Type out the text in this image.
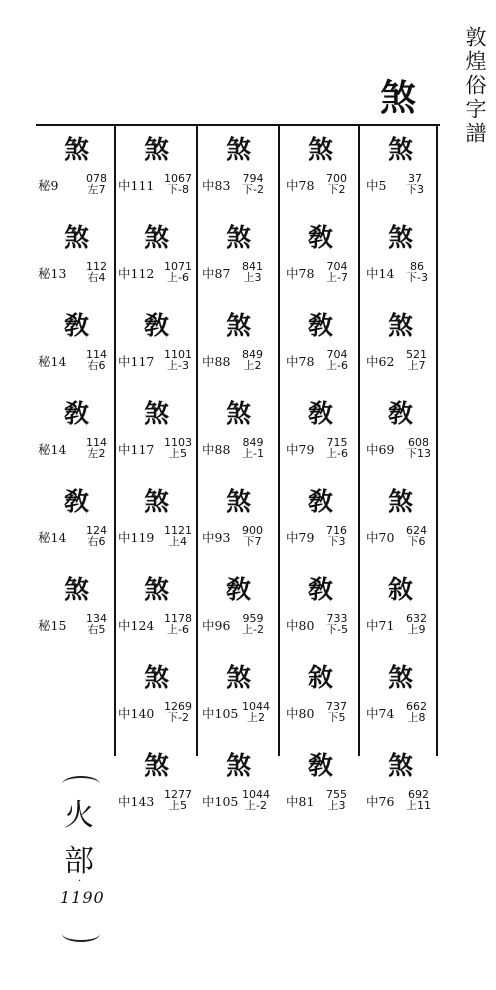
敦煌俗字譜
煞
煞
中5 37
下3
煞
中14	86
下-3
煞
中62 521
上7
敎
中69 608
下13
煞
中70 624
下6
敘
中71 632
上9
煞
中74 662
上8
煞
中76 692
上11
煞
中78 700
下2
敎
中78 704
上-7
敎
中78 704
上-6
敎
中79 715
上-6
敎
中79 716
下3
敎
中80 733
下-5
敘
中80 737
下5
敎
中81 755
上3
煞
中83 794
下-2
煞
中87 841
上3
煞
中88 849
上2
煞
中88 849
上-1
煞
中93 900
下7
敎
中96 959
上-2
煞
中105 1044
上2
煞
中105 1044
上-2
煞
中111 1067
下-8
煞
中112 1071
上-6
敎
中117 1101
上-3
煞
中117 1103
上5
煞
中119 1121
上4
煞
中124 1178
上-6
煞
中140 1269
下-2
煞
中143 1277
上5
煞
秘9	078
左7
煞
秘13 112
右4
敎
秘14 114
右6
敎
秘14 114
左2
敎
秘14 124
右6
煞
秘15 134
右5
火
部
·
1190
